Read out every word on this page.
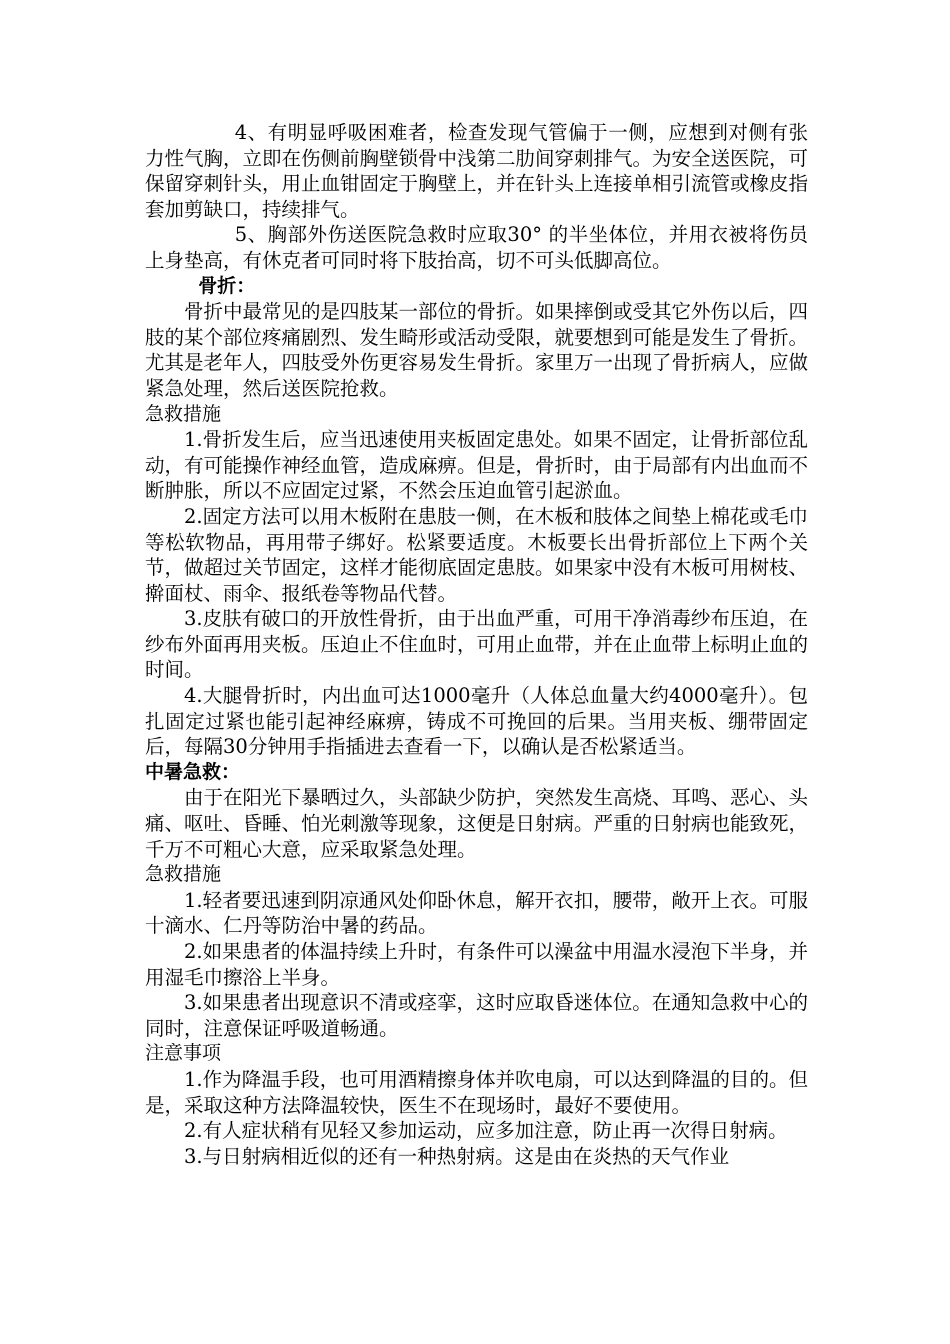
4、有明显呼吸困难者，检查发现气管偏于一侧，应想到对侧有张力性气胸，立即在伤侧前胸壁锁骨中浅第二肋间穿刺排气。为安全送医院，可保留穿刺针头，用止血钳固定于胸壁上，并在针头上连接单相引流管或橡皮指套加剪缺口，持续排气。

5、胸部外伤送医院急救时应取30° 的半坐体位，并用衣被将伤员上身垫高，有休克者可同时将下肢抬高，切不可头低脚高位。

骨折：

骨折中最常见的是四肢某一部位的骨折。如果摔倒或受其它外伤以后，四肢的某个部位疼痛剧烈、发生畸形或活动受限，就要想到可能是发生了骨折。尤其是老年人，四肢受外伤更容易发生骨折。家里万一出现了骨折病人，应做紧急处理，然后送医院抢救。

急救措施

1.骨折发生后，应当迅速使用夹板固定患处。如果不固定，让骨折部位乱动，有可能操作神经血管，造成麻痹。但是，骨折时，由于局部有内出血而不断肿胀，所以不应固定过紧，不然会压迫血管引起淤血。

2.固定方法可以用木板附在患肢一侧，在木板和肢体之间垫上棉花或毛巾等松软物品，再用带子绑好。松紧要适度。木板要长出骨折部位上下两个关节，做超过关节固定，这样才能彻底固定患肢。如果家中没有木板可用树枝、擀面杖、雨伞、报纸卷等物品代替。

3.皮肤有破口的开放性骨折，由于出血严重，可用干净消毒纱布压迫，在纱布外面再用夹板。压迫止不住血时，可用止血带，并在止血带上标明止血的时间。

4.大腿骨折时，内出血可达1000毫升（人体总血量大约4000毫升）。包扎固定过紧也能引起神经麻痹，铸成不可挽回的后果。当用夹板、绷带固定后，每隔30分钟用手指插进去查看一下，以确认是否松紧适当。

中暑急救：

由于在阳光下暴晒过久，头部缺少防护，突然发生高烧、耳鸣、恶心、头痛、呕吐、昏睡、怕光刺激等现象，这便是日射病。严重的日射病也能致死，千万不可粗心大意，应采取紧急处理。

急救措施

1.轻者要迅速到阴凉通风处仰卧休息，解开衣扣，腰带，敞开上衣。可服十滴水、仁丹等防治中暑的药品。

2.如果患者的体温持续上升时，有条件可以澡盆中用温水浸泡下半身，并用湿毛巾擦浴上半身。

3.如果患者出现意识不清或痉挛，这时应取昏迷体位。在通知急救中心的同时，注意保证呼吸道畅通。

注意事项

1.作为降温手段，也可用酒精擦身体并吹电扇，可以达到降温的目的。但是，采取这种方法降温较快，医生不在现场时，最好不要使用。

2.有人症状稍有见轻又参加运动，应多加注意，防止再一次得日射病。

3.与日射病相近似的还有一种热射病。这是由在炎热的天气作业
